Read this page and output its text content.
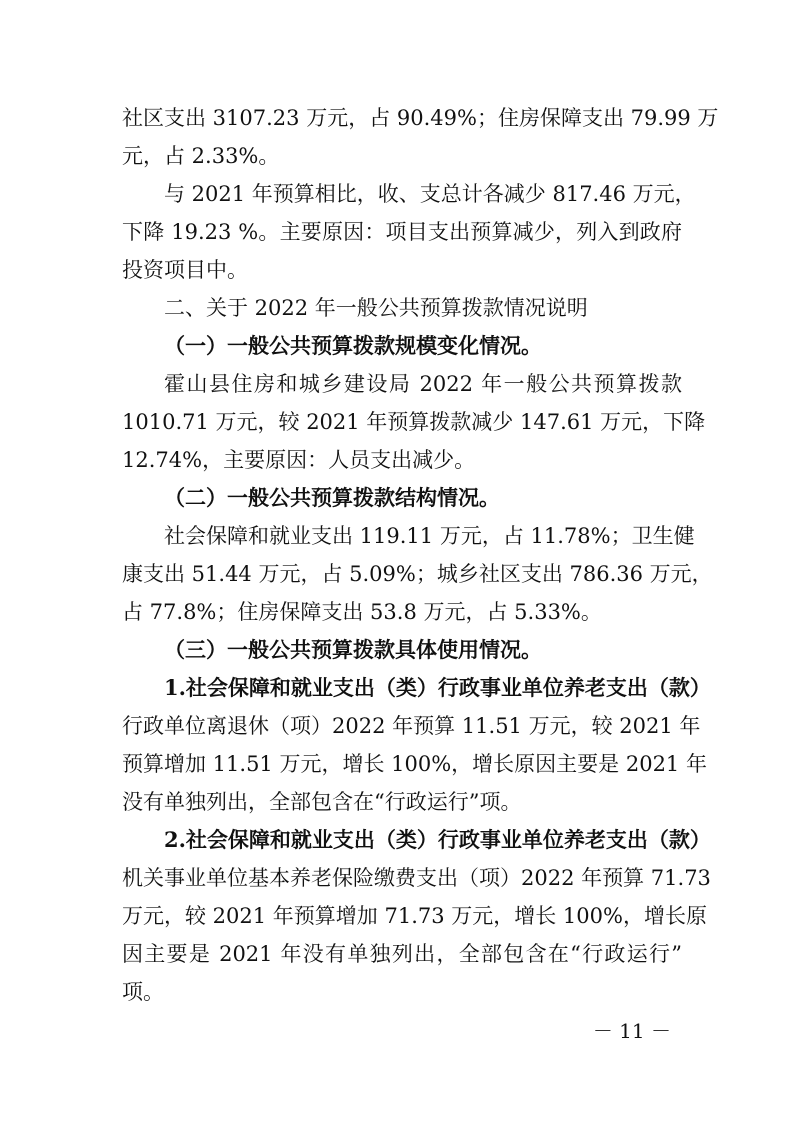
社区支出 3107.23 万元，占 90.49%；住房保障支出 79.99 万
元，占 2.33%。
与 2021 年预算相比，收、支总计各减少 817.46 万元，
下降 19.23 %。主要原因：项目支出预算减少，列入到政府
投资项目中。
二、关于 2022 年一般公共预算拨款情况说明
（一）一般公共预算拨款规模变化情况。
霍山县住房和城乡建设局 2022 年一般公共预算拨款
1010.71 万元，较 2021 年预算拨款减少 147.61 万元，下降
12.74%，主要原因：人员支出减少。
（二）一般公共预算拨款结构情况。
社会保障和就业支出 119.11 万元，占 11.78%；卫生健
康支出 51.44 万元，占 5.09%；城乡社区支出 786.36 万元，
占 77.8%；住房保障支出 53.8 万元，占 5.33%。
（三）一般公共预算拨款具体使用情况。
1.社会保障和就业支出（类）行政事业单位养老支出（款）
行政单位离退休（项）2022 年预算 11.51 万元，较 2021 年
预算增加 11.51 万元，增长 100%，增长原因主要是 2021 年
没有单独列出，全部包含在“行政运行”项。
2.社会保障和就业支出（类）行政事业单位养老支出（款）
机关事业单位基本养老保险缴费支出（项）2022 年预算 71.73
万元，较 2021 年预算增加 71.73 万元，增长 100%，增长原
因主要是 2021 年没有单独列出，全部包含在“行政运行”
项。
－ 11 －
